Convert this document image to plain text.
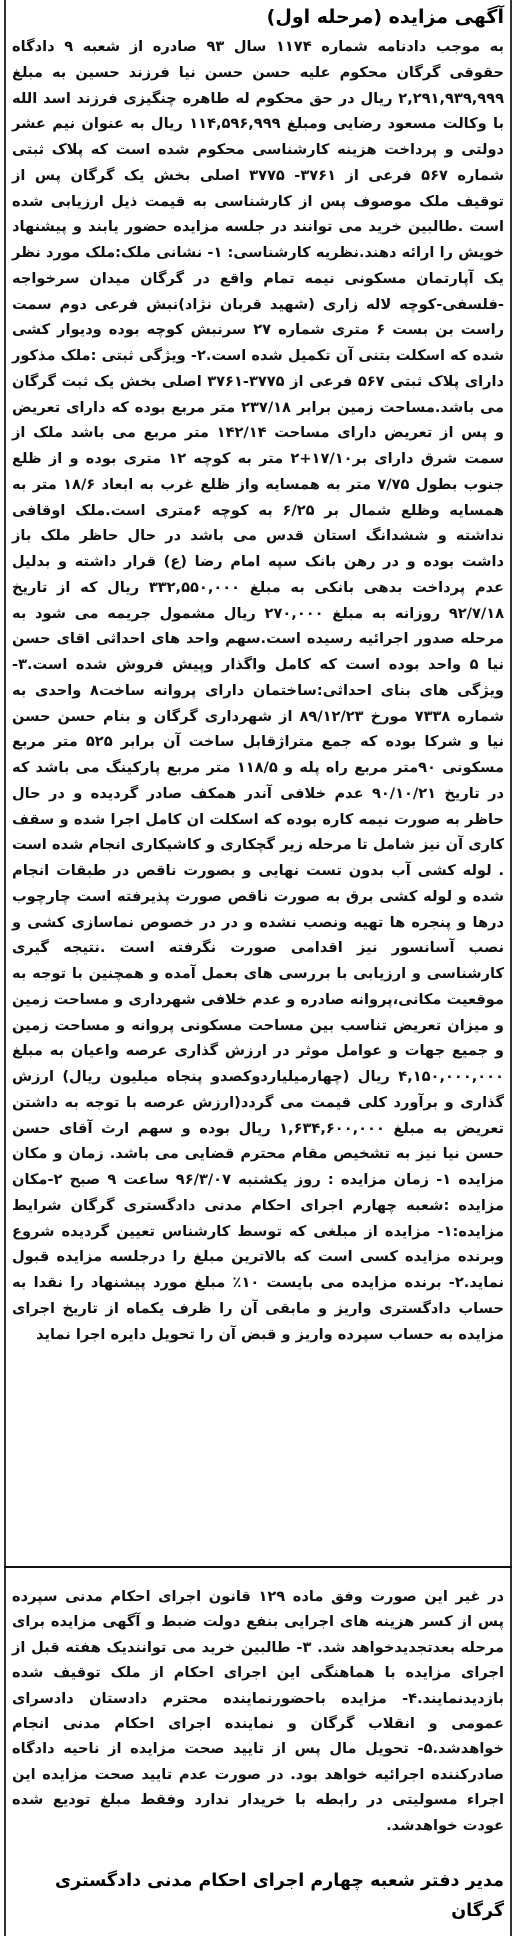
آگهی مزایده (مرحله اول)
به موجب دادنامه شماره ۱۱۷۴ سال ۹۳ صادره از شعبه ۹ دادگاه حقوقی گرگان محکوم علیه حسن حسن نیا فرزند حسین به مبلغ ۲,۲۹۱,۹۳۹,۹۹۹ ریال در حق محکوم له طاهره چنگیزی فرزند اسد الله با وکالت مسعود رضایی ومبلغ ۱۱۴,۵۹۶,۹۹۹ ریال به عنوان نیم عشر دولتی و پرداخت هزینه کارشناسی محکوم شده است که پلاک ثبتی شماره ۵۶۷ فرعی از ۳۷۶۱- ۳۷۷۵ اصلی بخش یک گرگان پس از توقیف ملک موصوف پس از کارشناسی به قیمت ذیل ارزیابی شده است .طالبین خرید می توانند در جلسه مزایده حضور یابند و پیشنهاد خویش را ارائه دهند.نظریه کارشناسی: ۱- نشانی ملک:ملک مورد نظر یک آپارتمان مسکونی نیمه تمام واقع در گرگان میدان سرخواجه -فلسفی-کوچه لاله زاری (شهید قربان نژاد)نبش فرعی دوم سمت راست بن بست ۶ متری شماره ۲۷ سرنبش کوچه بوده ودیوار کشی شده که اسکلت بتنی آن تکمیل شده است.۲- ویژگی ثبتی :ملک مذکور دارای پلاک ثبتی ۵۶۷ فرعی از ۳۷۷۵-۳۷۶۱ اصلی بخش یک ثبت گرگان می باشد.مساحت زمین برابر ۲۳۷/۱۸ متر مربع بوده که دارای تعریض و پس از تعریض دارای مساحت ۱۴۲/۱۴ متر مربع می باشد ملک از سمت شرق دارای بر۱۷/۱۰+۲ متر به کوچه ۱۲ متری بوده و از ظلع جنوب بطول ۷/۷۵ متر به همسایه واز ظلع غرب به ابعاد ۱۸/۶ متر به همسایه وظلع شمال بر ۶/۲۵ به کوچه ۶متری است.ملک اوقافی نداشته و ششدانگ استان قدس می باشد در حال حاظر ملک باز داشت بوده و در رهن بانک سپه امام رضا (ع) قرار داشته و بدلیل عدم پرداخت بدهی بانکی به مبلغ ۳۳۲,۵۵۰,۰۰۰ ریال که از تاریخ ۹۲/۷/۱۸ روزانه به مبلغ ۲۷۰,۰۰۰ ریال مشمول جریمه می شود به مرحله صدور اجرائیه رسیده است.سهم واحد های احداثی اقای حسن نیا ۵ واحد بوده است که کامل واگذار وپیش فروش شده است.۳- ویژگی های بنای احداثی:ساختمان دارای پروانه ساخت۸ واحدی به شماره ۷۳۳۸ مورخ ۸۹/۱۲/۲۳ از شهرداری گرگان و بنام حسن حسن نیا و شرکا بوده که جمع متراژقابل ساخت آن برابر ۵۲۵ متر مربع مسکونی ۹۰متر مربع راه پله و ۱۱۸/۵ متر مربع پارکینگ می باشد که در تاریخ ۹۰/۱۰/۲۱ عدم خلافی آندر همکف صادر گردیده و در حال حاظر به صورت نیمه کاره بوده که اسکلت ان کامل اجرا شده و سقف کاری آن نیز شامل تا مرحله زیر گچکاری و کاشیکاری انجام شده است . لوله کشی آب بدون تست نهایی و بصورت ناقص در طبقات انجام شده و لوله کشی برق به صورت ناقص صورت پذیرفته است چارچوب درها و پنجره ها تهیه ونصب نشده و در در خصوص نماسازی کشی و نصب آسانسور نیز اقدامی صورت نگرفته است .نتیجه گیری کارشناسی و ارزیابی با بررسی های بعمل آمده و همچنین با توجه به موقعیت مکانی،پروانه صادره و عدم خلافی شهرداری و مساحت زمین و میزان تعریض تناسب بین مساحت مسکونی پروانه و مساحت زمین و جمیع جهات و عوامل موثر در ارزش گذاری عرصه واعیان به مبلغ ۴,۱۵۰,۰۰۰,۰۰۰ ریال (چهارمیلیاردوکصدو پنجاه میلیون ریال) ارزش گذاری و برآورد کلی قیمت می گردد(ارزش عرصه با توجه به داشتن تعریض به مبلغ ۱,۶۳۴,۶۰۰,۰۰۰ ریال بوده و سهم ارث آقای حسن حسن نیا نیز به تشخیص مقام محترم قضایی می باشد. زمان و مکان مزایده ۱- زمان مزایده : روز یکشنبه ۹۶/۳/۰۷ ساعت ۹ صبح ۲-مکان مزایده :شعبه چهارم اجرای احکام مدنی دادگستری گرگان شرایط مزایده:۱- مزایده از مبلغی که توسط کارشناس تعیین گردیده شروع وبرنده مزایده کسی است که بالاترین مبلغ را درجلسه مزایده قبول نماید.۲- برنده مزایده می بایست ۱۰٪ مبلغ مورد پیشنهاد را نقدا به حساب دادگستری واریز و مابقی آن را ظرف یکماه از تاریخ اجرای مزایده به حساب سپرده واریز و قبض آن را تحویل دایره اجرا نماید
در غیر این صورت وفق ماده ۱۲۹ قانون اجرای احکام مدنی سپرده پس از کسر هزینه های اجرایی بنفع دولت ضبط و آگهی مزایده برای مرحله بعدتجدیدخواهد شد. ۳- طالبین خرید می توانندیک هفته قبل از اجرای مزایده با هماهنگی این اجرای احکام از ملک توقیف شده بازدیدنمایند.۴- مزایده باحضورنماینده محترم دادستان دادسرای عمومی و انقلاب گرگان و نماینده اجرای احکام مدنی انجام خواهدشد.۵- تحویل مال پس از تایید صحت مزایده از ناحیه دادگاه صادرکننده اجرائیه خواهد بود. در صورت عدم تایید صحت مزایده این اجراء مسولیتی در رابطه با خریدار ندارد وفقط مبلغ تودیع شده عودت خواهدشد.
مدیر دفتر شعبه چهارم اجرای احکام مدنی دادگستری گرگان
